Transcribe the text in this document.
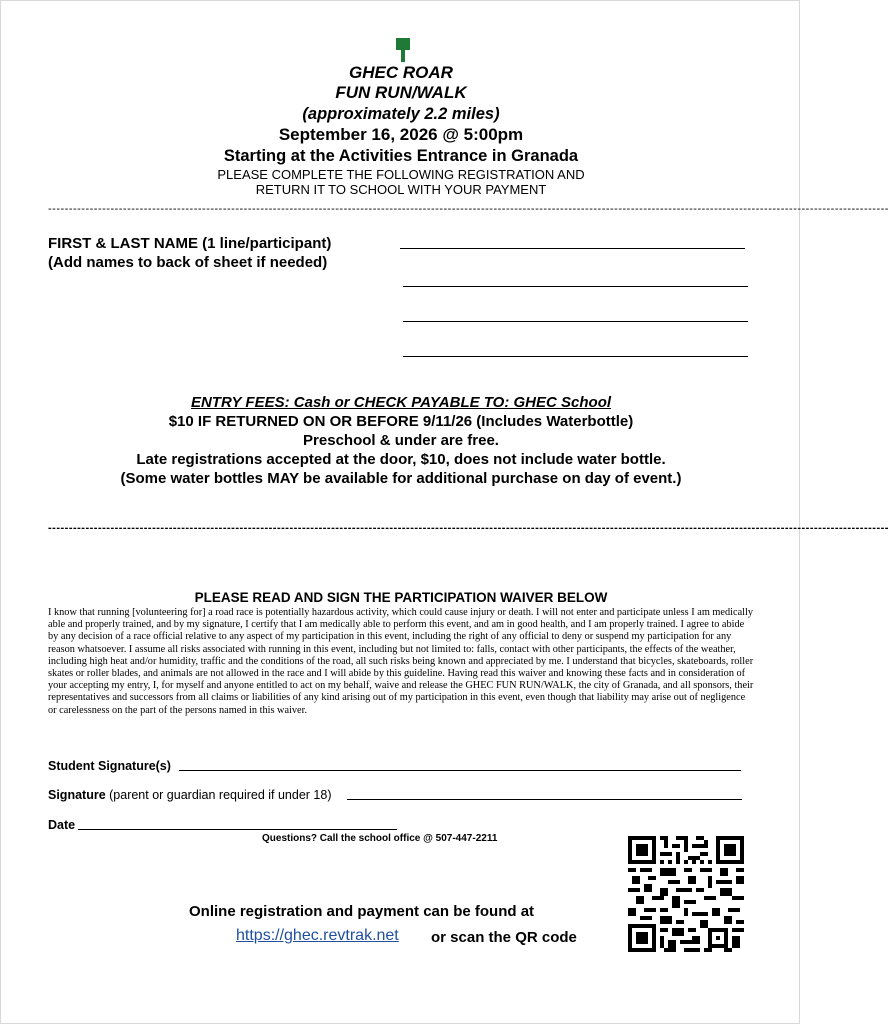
GHEC ROAR
FUN RUN/WALK
(approximately 2.2 miles)
September 16, 2026 @ 5:00pm
Starting at the Activities Entrance in Granada
PLEASE COMPLETE THE FOLLOWING REGISTRATION AND
RETURN IT TO SCHOOL WITH YOUR PAYMENT
----------------------------------------------------------------------------------------------------------------------------------------------------------------------------------------------------------
FIRST & LAST NAME (1 line/participant)
(Add names to back of sheet if needed)
ENTRY FEES: Cash or CHECK PAYABLE TO: GHEC School
$10 IF RETURNED ON OR BEFORE 9/11/26 (Includes Waterbottle)
Preschool & under are free.
Late registrations accepted at the door, $10, does not include water bottle.
(Some water bottles MAY be available for additional purchase on day of event.)
----------------------------------------------------------------------------------------------------------------------------------------------------------------------------------------------------------
PLEASE READ AND SIGN THE PARTICIPATION WAIVER BELOW
I know that running [volunteering for] a road race is potentially hazardous activity, which could cause injury or death. I will not enter and participate unless I am medically able and properly trained, and by my signature, I certify that I am medically able to perform this event, and am in good health, and I am properly trained. I agree to abide by any decision of a race official relative to any aspect of my participation in this event, including the right of any official to deny or suspend my participation for any reason whatsoever. I assume all risks associated with running in this event, including but not limited to: falls, contact with other participants, the effects of the weather, including high heat and/or humidity, traffic and the conditions of the road, all such risks being known and appreciated by me. I understand that bicycles, skateboards, roller skates or roller blades, and animals are not allowed in the race and I will abide by this guideline. Having read this waiver and knowing these facts and in consideration of your accepting my entry, I, for myself and anyone entitled to act on my behalf, waive and release the GHEC FUN RUN/WALK, the city of Granada, and all sponsors, their representatives and successors from all claims or liabilities of any kind arising out of my participation in this event, even though that liability may arise out of negligence or carelessness on the part of the persons named in this waiver.
Student Signature(s)
Signature (parent or guardian required if under 18)
Date
Questions? Call the school office @ 507-447-2211
Online registration and payment can be found at
https://ghec.revtrak.net or scan the QR code
